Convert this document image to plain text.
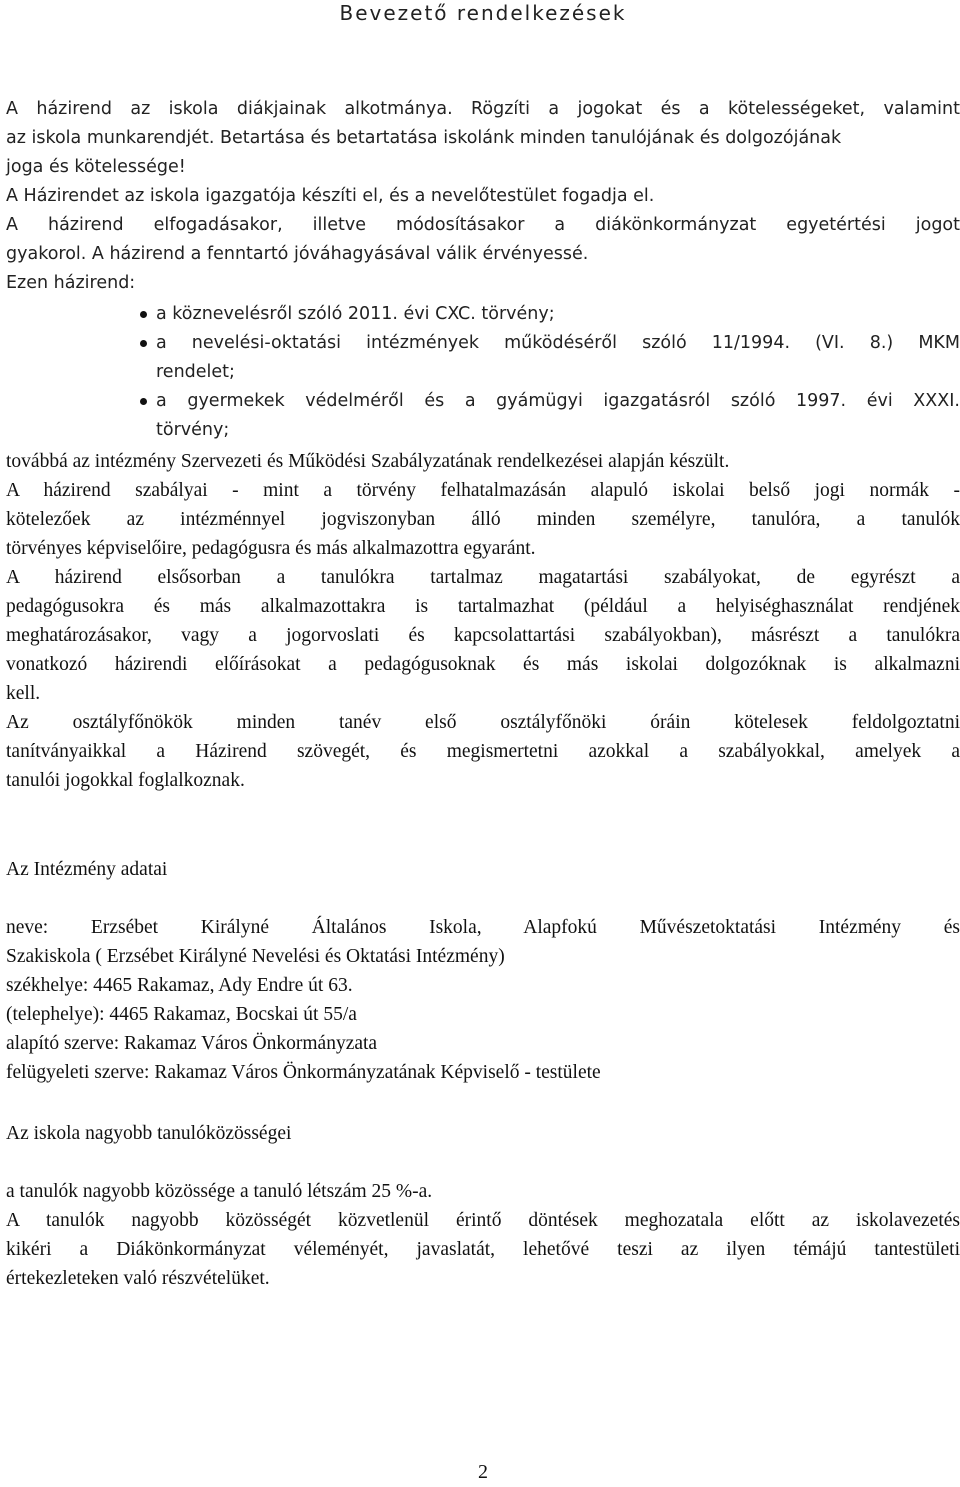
Bevezető rendelkezések
A házirend az iskola diákjainak alkotmánya. Rögzíti a jogokat és a kötelességeket, valamint
az iskola munkarendjét. Betartása és betartatása iskolánk minden tanulójának és dolgozójának
joga és kötelessége!
A Házirendet az iskola igazgatója készíti el, és a nevelőtestület fogadja el.
A házirend elfogadásakor, illetve módosításakor a diákönkormányzat egyetértési jogot
gyakorol. A házirend a fenntartó jóváhagyásával válik érvényessé.
Ezen házirend:
a köznevelésről szóló 2011. évi CXC. törvény;
a nevelési-oktatási intézmények működéséről szóló 11/1994. (VI. 8.) MKM
rendelet;
a gyermekek védelméről és a gyámügyi igazgatásról szóló 1997. évi XXXI.
törvény;
továbbá az intézmény Szervezeti és Működési Szabályzatának rendelkezései alapján készült.
A házirend szabályai - mint a törvény felhatalmazásán alapuló iskolai belső jogi normák -
kötelezőek az intézménnyel jogviszonyban álló minden személyre, tanulóra, a tanulók
törvényes képviselőire, pedagógusra és más alkalmazottra egyaránt.
A házirend elsősorban a tanulókra tartalmaz magatartási szabályokat, de egyrészt a
pedagógusokra és más alkalmazottakra is tartalmazhat (például a helyiséghasználat rendjének
meghatározásakor, vagy a jogorvoslati és kapcsolattartási szabályokban), másrészt a tanulókra
vonatkozó házirendi előírásokat a pedagógusoknak és más iskolai dolgozóknak is alkalmazni
kell.
Az osztályfőnökök minden tanév első osztályfőnöki óráin kötelesek feldolgoztatni
tanítványaikkal a Házirend szövegét, és megismertetni azokkal a szabályokkal, amelyek a
tanulói jogokkal foglalkoznak.
Az Intézmény adatai
neve: Erzsébet Királyné Általános Iskola, Alapfokú Művészetoktatási Intézmény és
Szakiskola ( Erzsébet Királyné Nevelési és Oktatási Intézmény)
székhelye: 4465 Rakamaz, Ady Endre út 63.
(telephelye): 4465 Rakamaz, Bocskai út 55/a
alapító szerve: Rakamaz Város Önkormányzata
felügyeleti szerve: Rakamaz Város Önkormányzatának Képviselő - testülete
Az iskola nagyobb tanulóközösségei
a tanulók nagyobb közössége a tanuló létszám 25 %-a.
A tanulók nagyobb közösségét közvetlenül érintő döntések meghozatala előtt az iskolavezetés
kikéri a Diákönkormányzat véleményét, javaslatát, lehetővé teszi az ilyen témájú tantestületi
értekezleteken való részvételüket.
2
